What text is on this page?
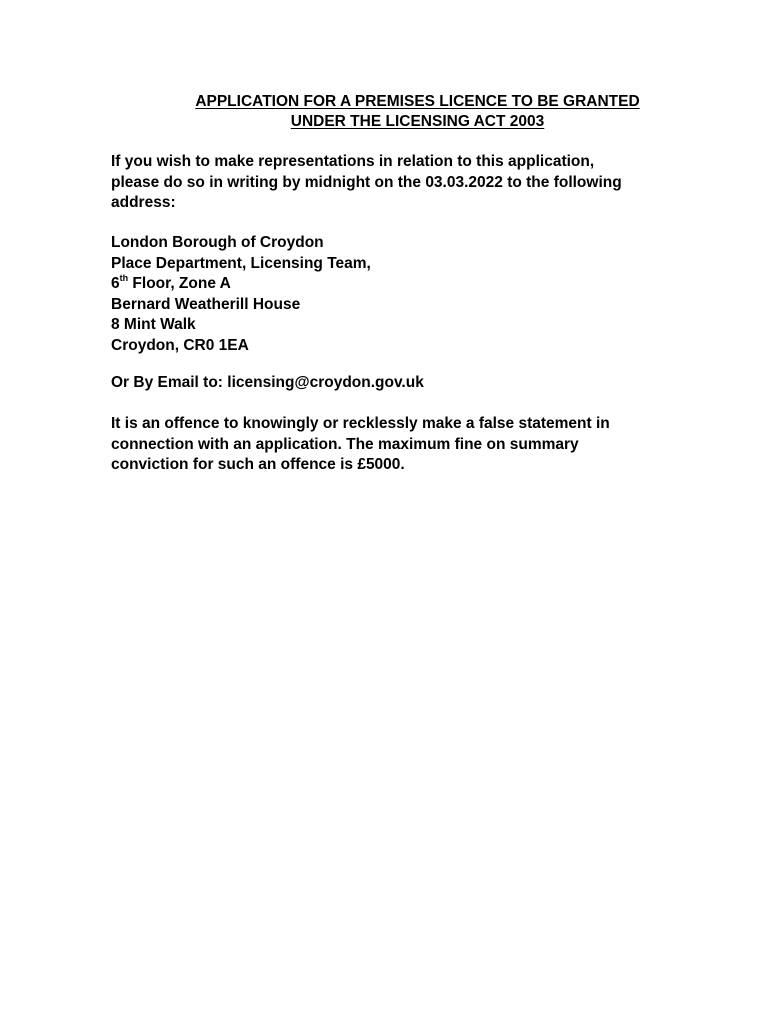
APPLICATION FOR A PREMISES LICENCE TO BE GRANTED
UNDER THE LICENSING ACT 2003
If you wish to make representations in relation to this application,
please do so in writing by midnight on the 03.03.2022 to the following
address:
London Borough of Croydon
Place Department, Licensing Team,
6th Floor, Zone A
Bernard Weatherill House
8 Mint Walk
Croydon, CR0 1EA
Or By Email to: licensing@croydon.gov.uk
It is an offence to knowingly or recklessly make a false statement in
connection with an application. The maximum fine on summary
conviction for such an offence is £5000.
